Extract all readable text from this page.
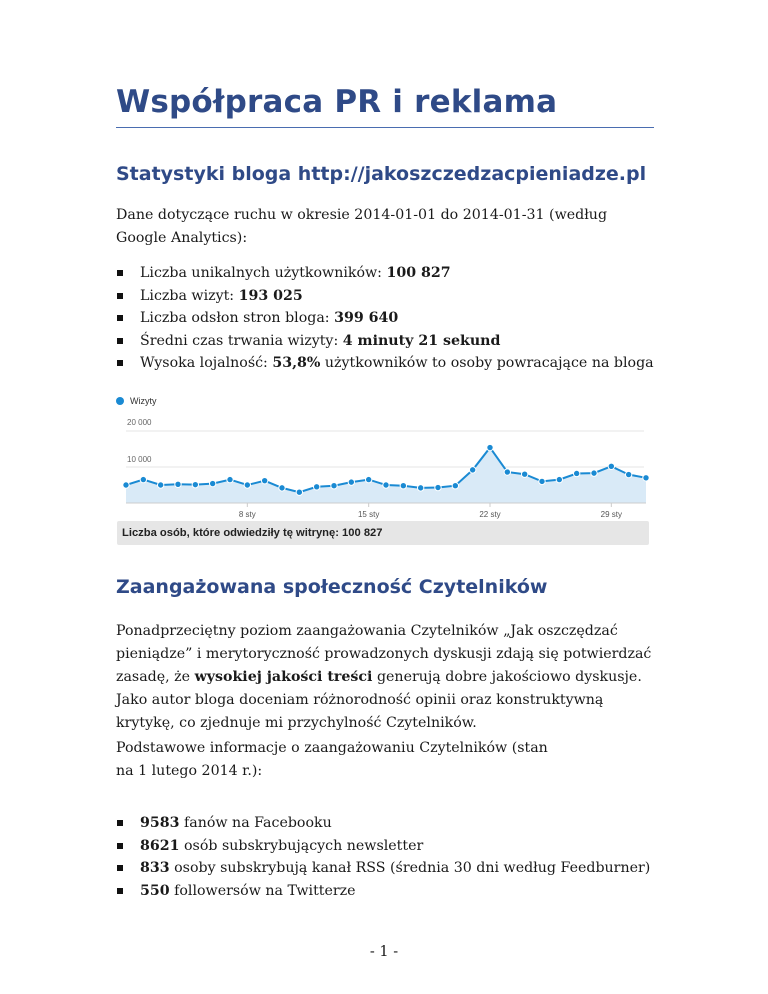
Współpraca PR i reklama
Statystyki bloga http://jakoszczedzacpieniadze.pl

Dane dotyczące ruchu w okresie 2014-01-01 do 2014-01-31 (według Google Analytics):

Liczba unikalnych użytkowników: 100 827
Liczba wizyt: 193 025
Liczba odsłon stron bloga: 399 640
Średni czas trwania wizyty: 4 minuty 21 sekund
Wysoka lojalność: 53,8% użytkowników to osoby powracające na bloga
Wizyty
20 000
10 000
8 sty	15 sty	22 sty	29 sty
Liczba osób, które odwiedziły tę witrynę: 100 827
Zaangażowana społeczność Czytelników

Ponadprzeciętny poziom zaangażowania Czytelników „Jak oszczędzać pieniądze” i merytoryczność prowadzonych dyskusji zdają się potwierdzać zasadę, że wysokiej jakości treści generują dobre jakościowo dyskusje. Jako autor bloga doceniam różnorodność opinii oraz konstruktywną krytykę, co zjednuje mi przychylność Czytelników.

Podstawowe informacje o zaangażowaniu Czytelników (stan na 1 lutego 2014 r.):

9583 fanów na Facebooku
8621 osób subskrybujących newsletter
833 osoby subskrybują kanał RSS (średnia 30 dni według Feedburner)
550 followersów na Twitterze
- 1 -
